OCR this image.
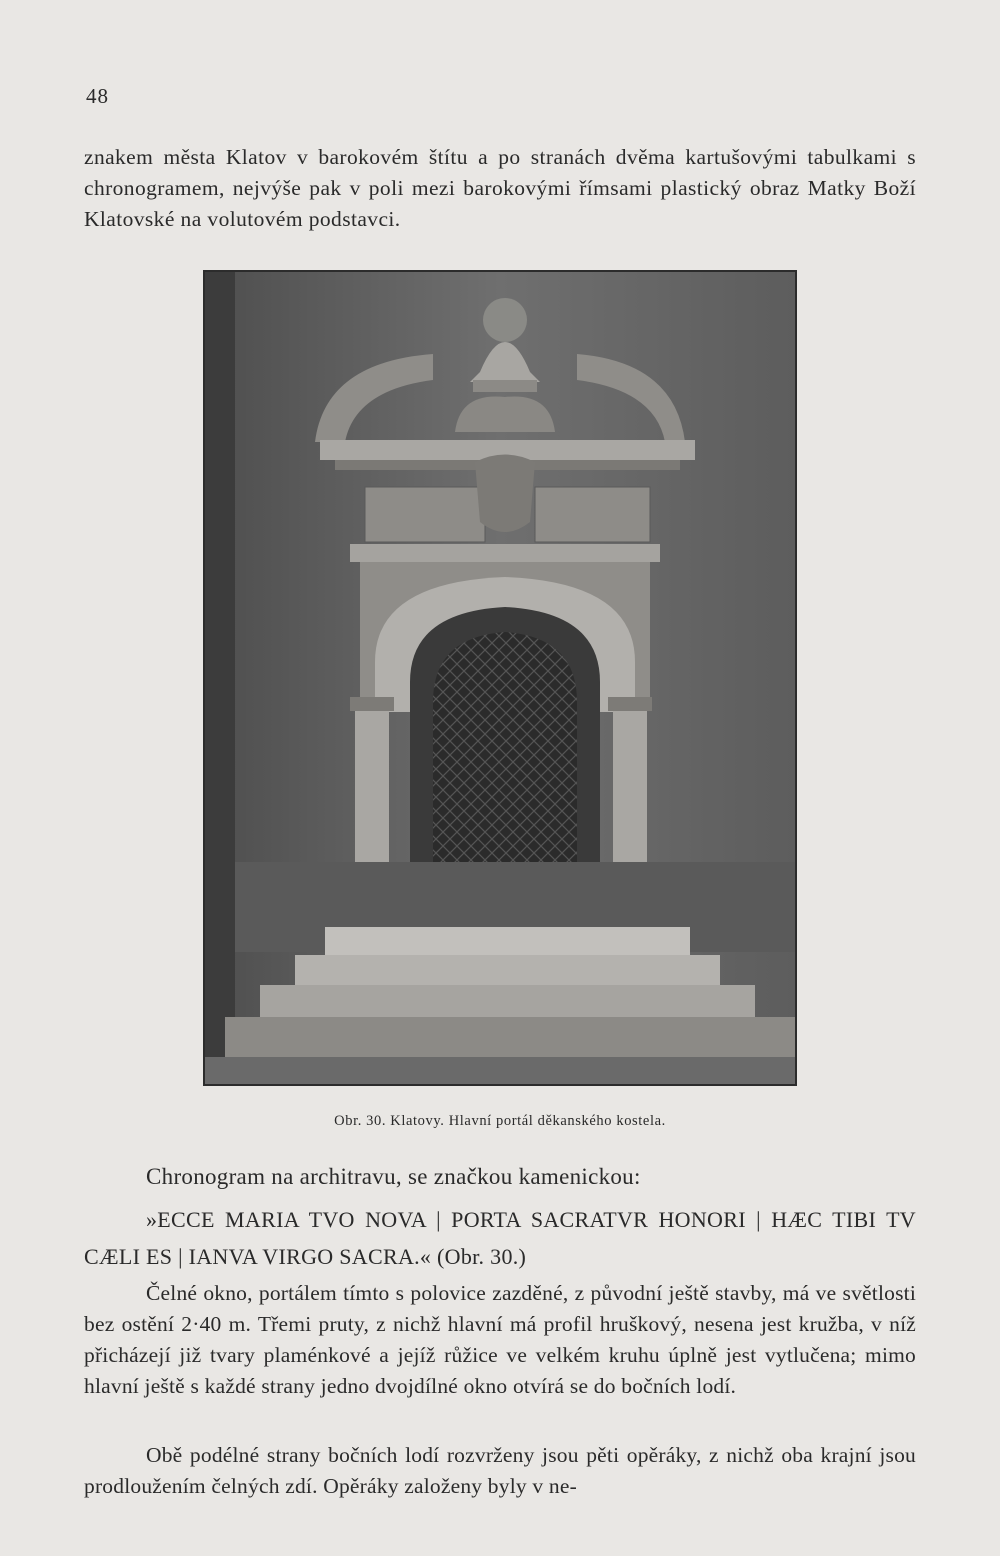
48

znakem města Klatov v barokovém štítu a po stranách dvěma kartušovými tabulkami s chronogramem, nejvýše pak v poli mezi barokovými římsami plastický obraz Matky Boží Klatovské na volutovém podstavci.

Obr. 30. Klatovy. Hlavní portál děkanského kostela.
Chronogram na architravu, se značkou kamenickou:

»ECCE MARIA TVO NOVA | PORTA SACRATVR HONORI | HÆC TIBI TV CÆLI ES | IANVA VIRGO SACRA.« (Obr. 30.)

Čelné okno, portálem tímto s polovice zazděné, z původní ještě stavby, má ve světlosti bez ostění 2·40 m. Třemi pruty, z nichž hlavní má profil hruškový, nesena jest kružba, v níž přicházejí již tvary plaménkové a jejíž růžice ve velkém kruhu úplně jest vytlučena; mimo hlavní ještě s každé strany jedno dvojdílné okno otvírá se do bočních lodí.

Obě podélné strany bočních lodí rozvrženy jsou pěti opěráky, z nichž oba krajní jsou prodloužením čelných zdí. Opěráky založeny byly v ne-
